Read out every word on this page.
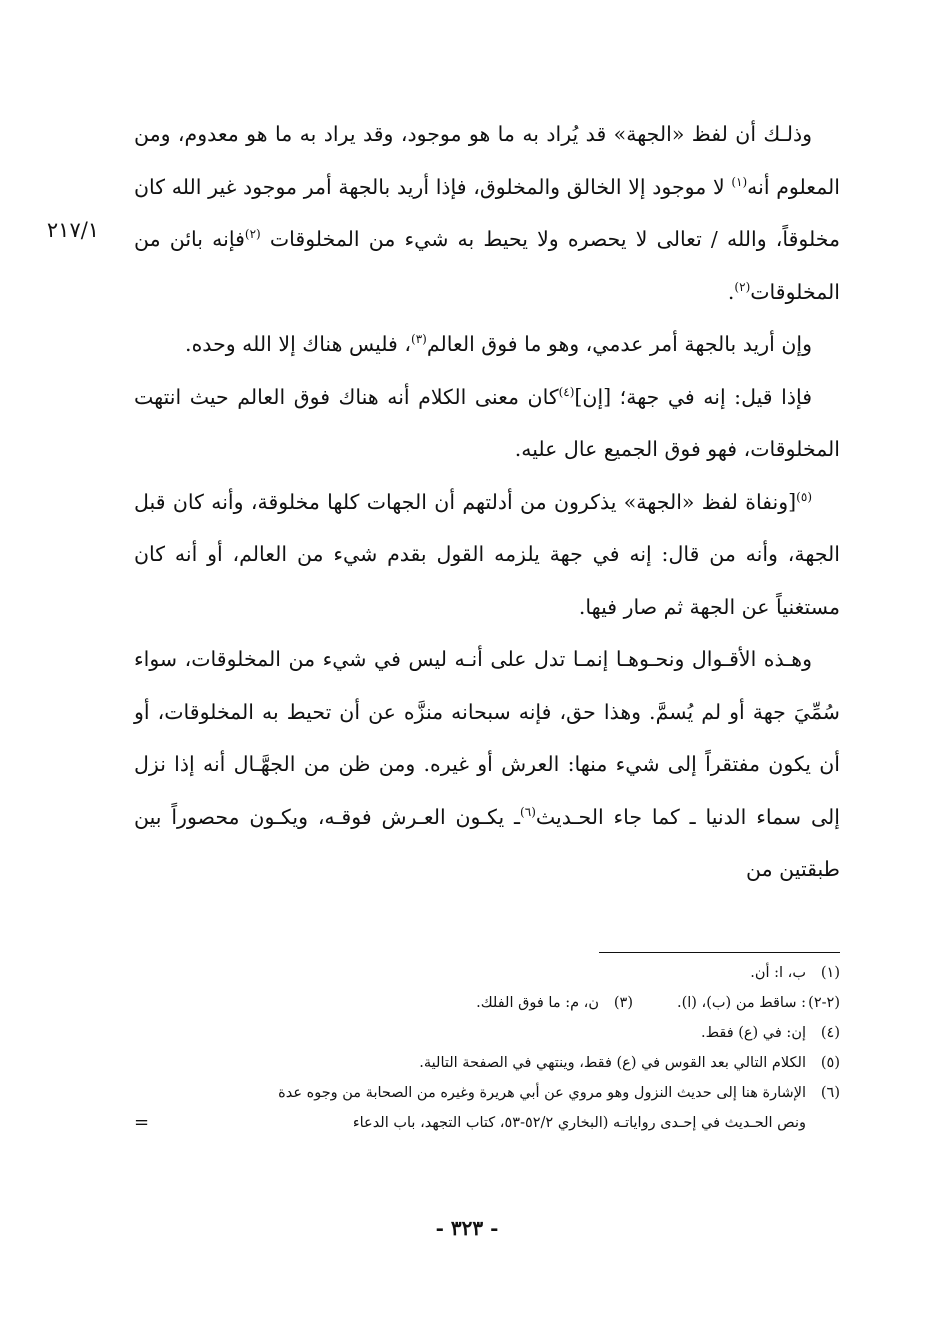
٢١٧/١

وذلـك أن لفظ «الجهة» قد يُراد به ما هو موجود، وقد يراد به ما هو معدوم، ومن المعلوم أنه$^{(١)}$ لا موجود إلا الخالق والمخلوق، فإذا أريد بالجهة أمر موجود غير الله كان مخلوقاً، والله / تعالى لا يحصره ولا يحيط به شيء من المخلوقات $^{(٢)}$فإنه بائن من المخلوقات$^{(٢)}$.

وإن أريد بالجهة أمر عدمي، وهو ما فوق العالم$^{(٣)}$، فليس هناك إلا الله وحده.

فإذا قيل: إنه في جهة؛ [إن]$^{(٤)}$كان معنى الكلام أنه هناك فوق العالم حيث انتهت المخلوقات، فهو فوق الجميع عال عليه.

$^{(٥)}$[ونفاة لفظ «الجهة» يذكرون من أدلتهم أن الجهات كلها مخلوقة، وأنه كان قبل الجهة، وأنه من قال: إنه في جهة يلزمه القول بقدم شيء من العالم، أو أنه كان مستغنياً عن الجهة ثم صار فيها.

وهـذه الأقـوال ونحـوهـا إنمـا تدل على أنـه ليس في شيء من المخلوقات، سواء سُمِّيَ جهة أو لم يُسمَّ. وهذا حق، فإنه سبحانه منزَّه عن أن تحيط به المخلوقات، أو أن يكون مفتقراً إلى شيء منها: العرش أو غيره. ومن ظن من الجهَّـال أنه إذا نزل إلى سماء الدنيا ـ كما جاء الحـديث$^{(٦)}$ـ يكـون العـرش فوقـه، ويكـون محصوراً بين طبقتين من

(١)
ب، ا: أن.
(٢-٢)
: ساقط من (ب)، (ا).
(٣)
ن، م: ما فوق الفلك.
(٤)
إن: في (ع) فقط.
(٥)
الكلام التالي بعد القوس في (ع) فقط، وينتهي في الصفحة التالية.
(٦)
الإشارة هنا إلى حديث النزول وهو مروي عن أبي هريرة وغيره من الصحابة من وجوه عدة
ونص الحـديث في إحـدى رواياتـه (البخاري ٥٢/٢-٥٣، كتاب التجهد، باب الدعاء
=
- ٣٢٣ -
